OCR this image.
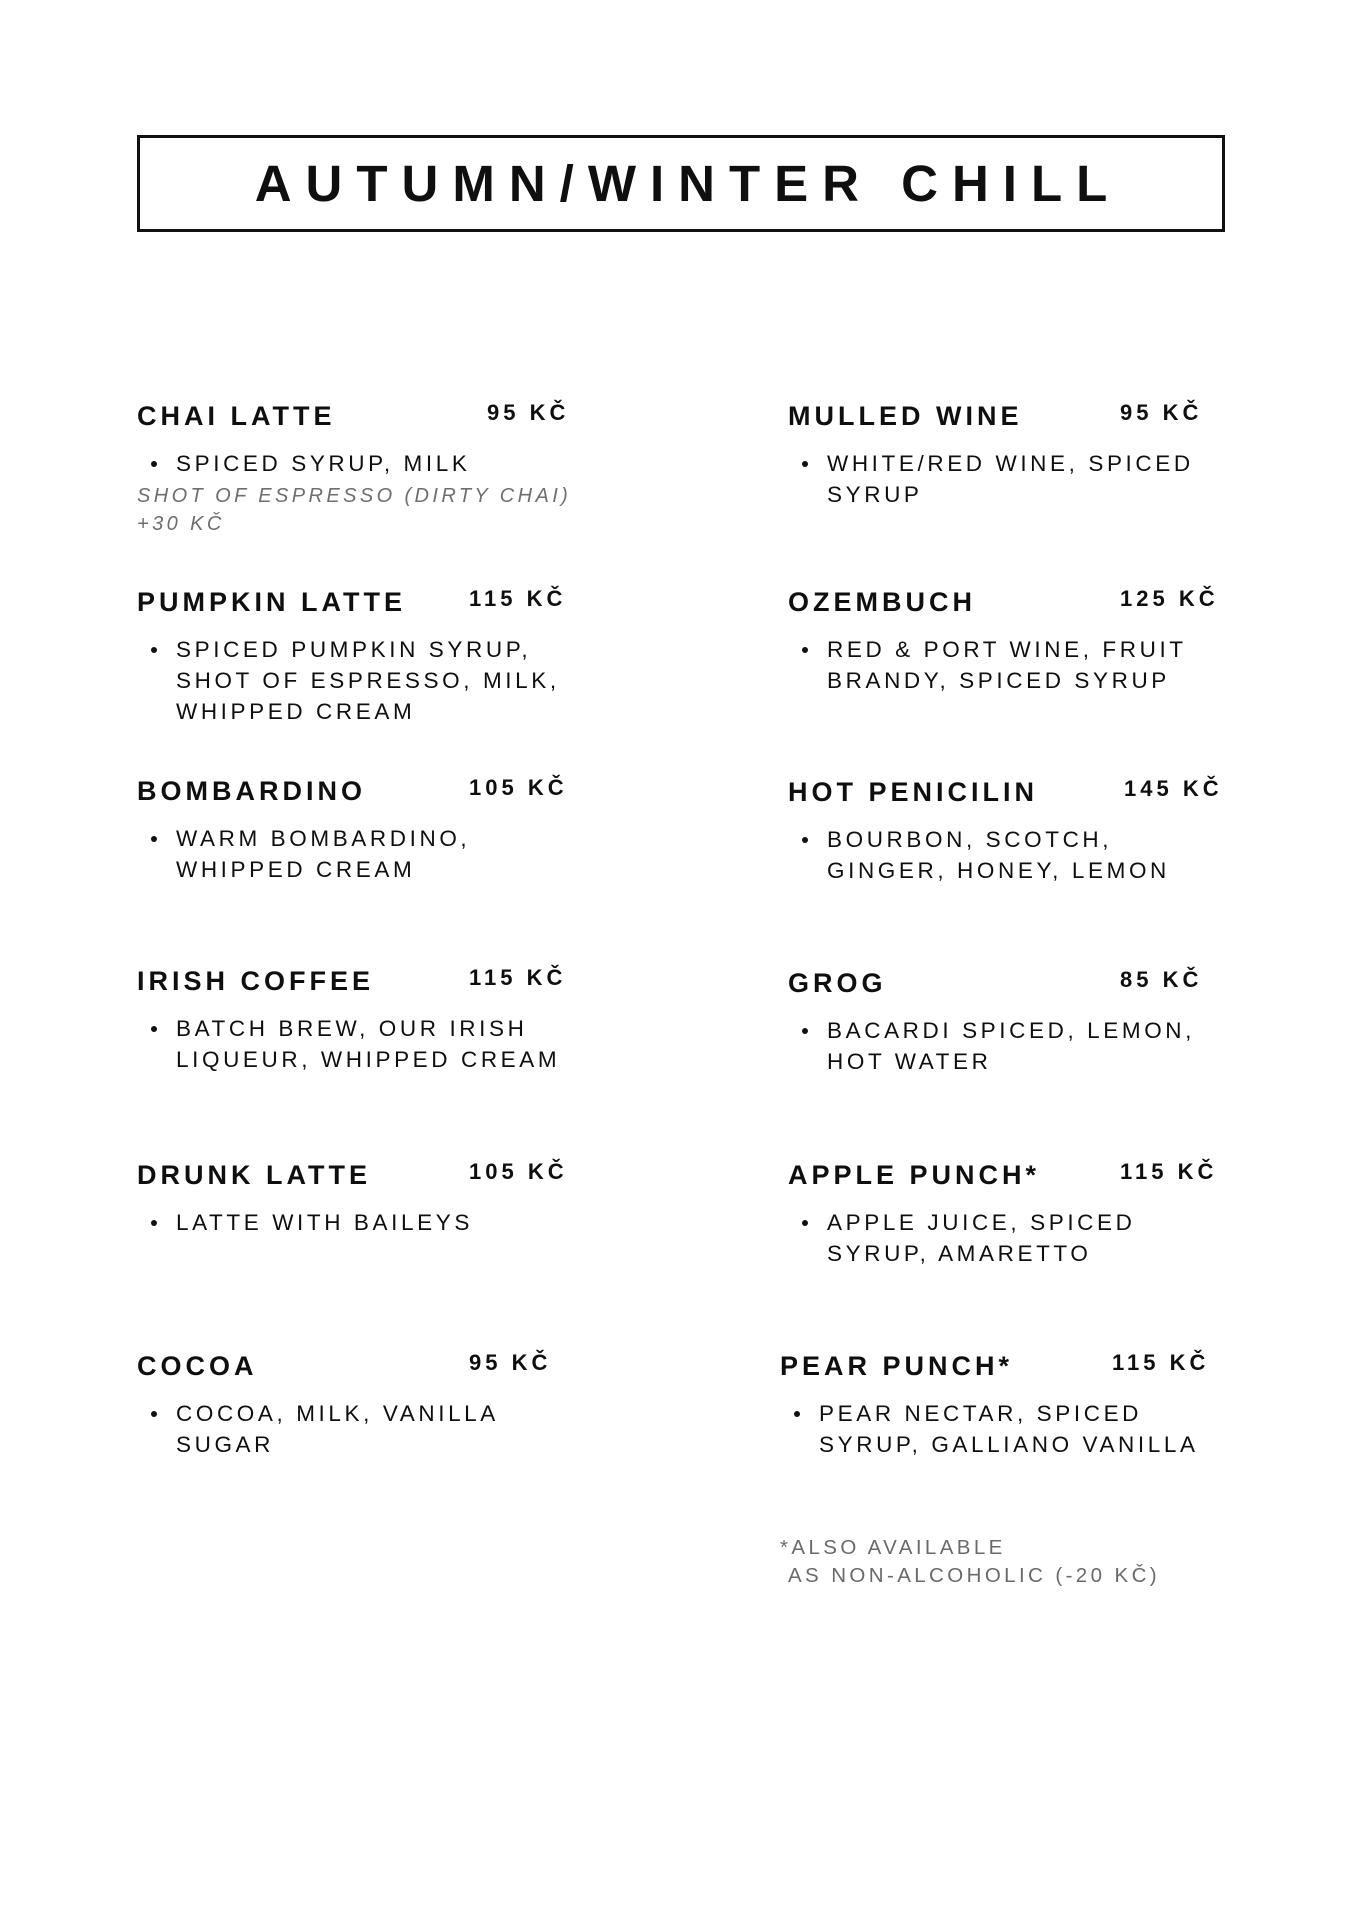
AUTUMN/WINTER CHILL
CHAI LATTE	95 KČ
SPICED SYRUP, MILK
SHOT OF ESPRESSO (DIRTY CHAI)
+30 KČ
PUMPKIN LATTE	115 KČ
SPICED PUMPKIN SYRUP,
SHOT OF ESPRESSO, MILK,
WHIPPED CREAM
BOMBARDINO	105 KČ
WARM BOMBARDINO,
WHIPPED CREAM
IRISH COFFEE	115 KČ
BATCH BREW, OUR IRISH
LIQUEUR, WHIPPED CREAM
DRUNK LATTE	105 KČ
LATTE WITH BAILEYS
COCOA	95 KČ
COCOA, MILK, VANILLA
SUGAR
MULLED WINE	95 KČ
WHITE/RED WINE, SPICED
SYRUP
OZEMBUCH	125 KČ
RED & PORT WINE, FRUIT
BRANDY, SPICED SYRUP
HOT PENICILIN	145 KČ
BOURBON, SCOTCH,
GINGER, HONEY, LEMON
GROG	85 KČ
BACARDI SPICED, LEMON,
HOT WATER
APPLE PUNCH*	115 KČ
APPLE JUICE, SPICED
SYRUP, AMARETTO
PEAR PUNCH*	115 KČ
PEAR NECTAR, SPICED
SYRUP, GALLIANO VANILLA
*ALSO AVAILABLE
AS NON-ALCOHOLIC (-20 KČ)
